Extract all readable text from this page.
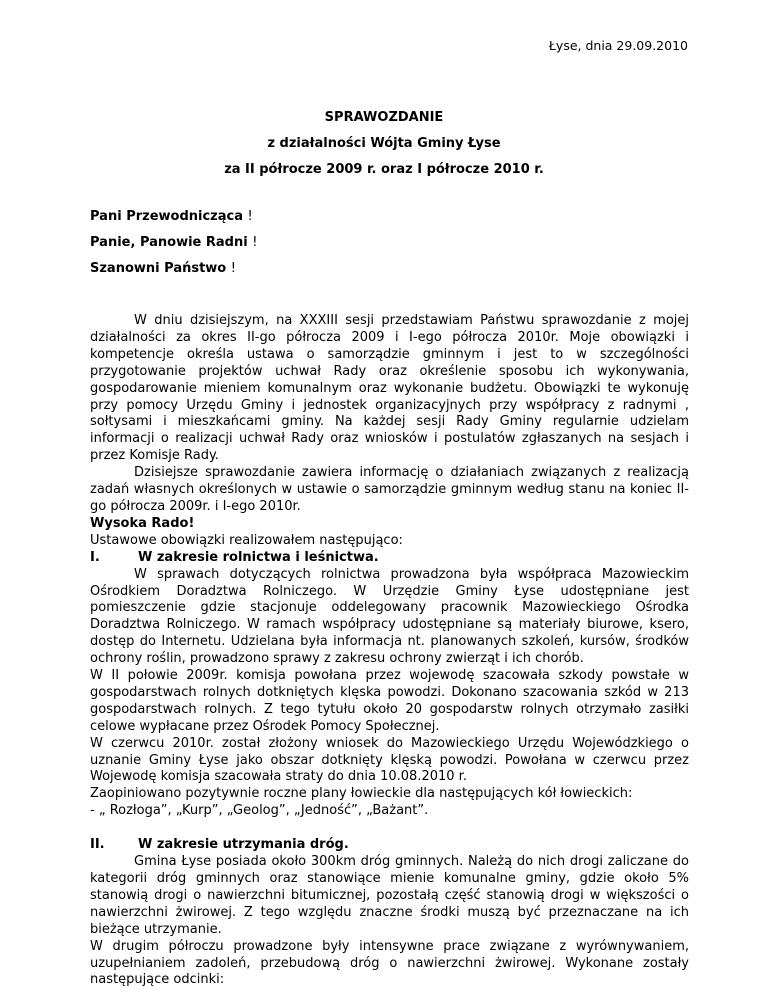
Łyse, dnia 29.09.2010
SPRAWOZDANIE
z działalności Wójta Gminy Łyse
za II półrocze 2009 r. oraz I półrocze 2010 r.
Pani Przewodnicząca !
Panie, Panowie Radni !
Szanowni Państwo !

W dniu dzisiejszym, na XXXIII sesji przedstawiam Państwu sprawozdanie z mojej działalności za okres II-go półrocza 2009 i I-ego półrocza 2010r. Moje obowiązki i kompetencje określa ustawa o samorządzie gminnym i jest to w szczególności przygotowanie projektów uchwał Rady oraz określenie sposobu ich wykonywania, gospodarowanie mieniem komunalnym oraz wykonanie budżetu. Obowiązki te wykonuję przy pomocy Urzędu Gminy i jednostek organizacyjnych przy współpracy z radnymi , sołtysami i mieszkańcami gminy. Na każdej sesji Rady Gminy regularnie udzielam informacji o realizacji uchwał Rady oraz wniosków i postulatów zgłaszanych na sesjach i przez Komisje Rady.

Dzisiejsze sprawozdanie zawiera informację o działaniach związanych z realizacją zadań własnych określonych w ustawie o samorządzie gminnym według stanu na koniec II-go półrocza 2009r. i I-ego 2010r.

Wysoka Rado!

Ustawowe obowiązki realizowałem następująco:

I.	W zakresie rolnictwa i leśnictwa.

W sprawach dotyczących rolnictwa prowadzona była współpraca Mazowieckim Ośrodkiem Doradztwa Rolniczego. W Urzędzie Gminy Łyse udostępniane jest pomieszczenie gdzie stacjonuje oddelegowany pracownik Mazowieckiego Ośrodka Doradztwa Rolniczego. W ramach współpracy udostępniane są materiały biurowe, ksero, dostęp do Internetu. Udzielana była informacja nt. planowanych szkoleń, kursów, środków ochrony roślin, prowadzono sprawy z zakresu ochrony zwierząt i ich chorób.

W II połowie 2009r. komisja powołana przez wojewodę szacowała szkody powstałe w gospodarstwach rolnych dotkniętych klęska powodzi. Dokonano szacowania szkód w 213 gospodarstwach rolnych. Z tego tytułu około 20 gospodarstw rolnych otrzymało zasiłki celowe wypłacane przez Ośrodek Pomocy Społecznej.

W czerwcu 2010r. został złożony wniosek do Mazowieckiego Urzędu Wojewódzkiego o uznanie Gminy Łyse jako obszar dotknięty klęską powodzi. Powołana w czerwcu przez Wojewodę komisja szacowała straty do dnia 10.08.2010 r.

Zaopiniowano pozytywnie roczne plany łowieckie dla następujących kół łowieckich:

- „ Rozłoga”, „Kurp”, „Geolog”, „Jedność”, „Bażant”.

II.	W zakresie utrzymania dróg.

Gmina Łyse posiada około 300km dróg gminnych. Należą do nich drogi zaliczane do kategorii dróg gminnych oraz stanowiące mienie komunalne gminy, gdzie około 5% stanowią drogi o nawierzchni bitumicznej, pozostałą część stanowią drogi w większości o nawierzchni żwirowej. Z tego względu znaczne środki muszą być przeznaczane na ich bieżące utrzymanie.

W drugim półroczu prowadzone były intensywne prace związane z wyrównywaniem, uzupełnianiem zadoleń, przebudową dróg o nawierzchni żwirowej. Wykonane zostały następujące odcinki:
